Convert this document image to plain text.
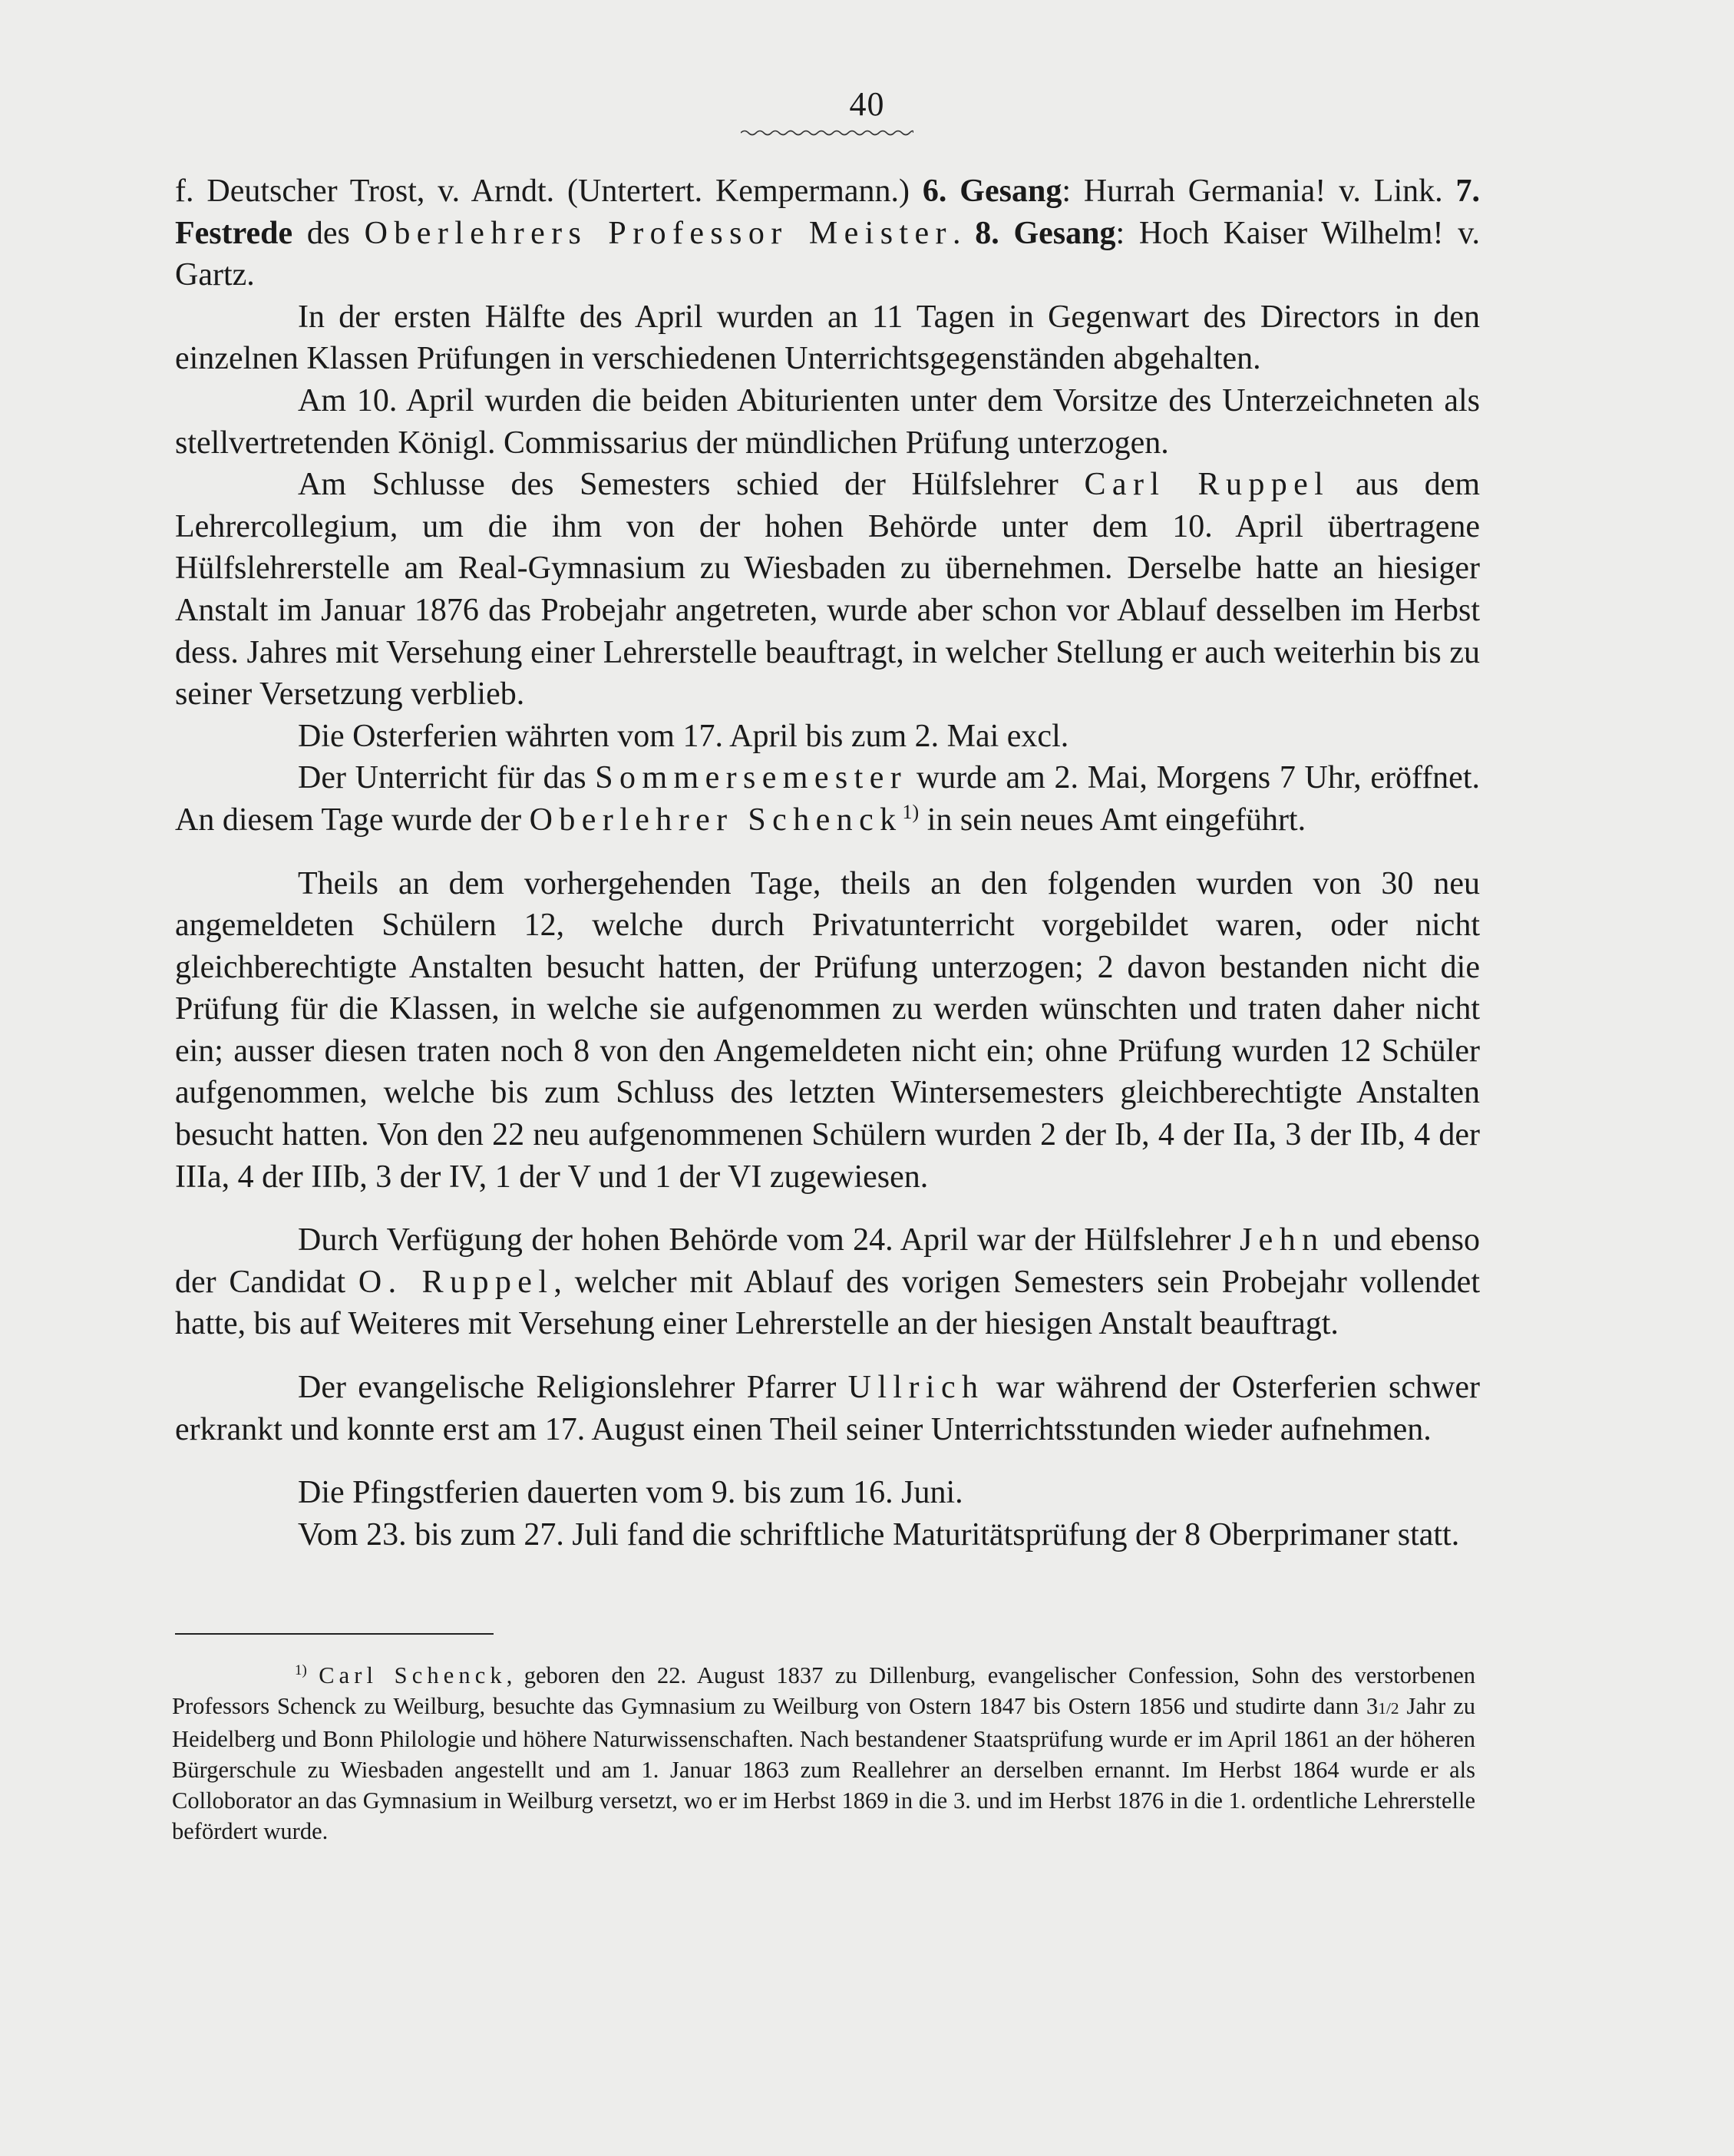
40

f. Deutscher Trost, v. Arndt. (Untertert. Kempermann.) 6. Gesang: Hurrah Germania! v. Link. 7. Festrede des Oberlehrers Professor Meister. 8. Gesang: Hoch Kaiser Wilhelm! v. Gartz.

In der ersten Hälfte des April wurden an 11 Tagen in Gegenwart des Directors in den einzelnen Klassen Prüfungen in verschiedenen Unterrichtsgegenständen abgehalten.

Am 10. April wurden die beiden Abiturienten unter dem Vorsitze des Unterzeichneten als stellvertretenden Königl. Commissarius der mündlichen Prüfung unterzogen.

Am Schlusse des Semesters schied der Hülfslehrer Carl Ruppel aus dem Lehrercollegium, um die ihm von der hohen Behörde unter dem 10. April übertragene Hülfslehrerstelle am Real-Gymnasium zu Wiesbaden zu übernehmen. Derselbe hatte an hiesiger Anstalt im Januar 1876 das Probejahr angetreten, wurde aber schon vor Ablauf desselben im Herbst dess. Jahres mit Versehung einer Lehrerstelle beauftragt, in welcher Stellung er auch weiterhin bis zu seiner Versetzung verblieb.

Die Osterferien währten vom 17. April bis zum 2. Mai excl.

Der Unterricht für das Sommersemester wurde am 2. Mai, Morgens 7 Uhr, eröffnet. An diesem Tage wurde der Oberlehrer Schenck$^{1)}$ in sein neues Amt eingeführt.

Theils an dem vorhergehenden Tage, theils an den folgenden wurden von 30 neu angemeldeten Schülern 12, welche durch Privatunterricht vorgebildet waren, oder nicht gleichberechtigte Anstalten besucht hatten, der Prüfung unterzogen; 2 davon bestanden nicht die Prüfung für die Klassen, in welche sie aufgenommen zu werden wünschten und traten daher nicht ein; ausser diesen traten noch 8 von den Angemeldeten nicht ein; ohne Prüfung wurden 12 Schüler aufgenommen, welche bis zum Schluss des letzten Wintersemesters gleichberechtigte Anstalten besucht hatten. Von den 22 neu aufgenommenen Schülern wurden 2 der Ib, 4 der IIa, 3 der IIb, 4 der IIIa, 4 der IIIb, 3 der IV, 1 der V und 1 der VI zugewiesen.

Durch Verfügung der hohen Behörde vom 24. April war der Hülfslehrer Jehn und ebenso der Candidat O. Ruppel, welcher mit Ablauf des vorigen Semesters sein Probejahr vollendet hatte, bis auf Weiteres mit Versehung einer Lehrerstelle an der hiesigen Anstalt beauftragt.

Der evangelische Religionslehrer Pfarrer Ullrich war während der Osterferien schwer erkrankt und konnte erst am 17. August einen Theil seiner Unterrichtsstunden wieder aufnehmen.

Die Pfingstferien dauerten vom 9. bis zum 16. Juni.

Vom 23. bis zum 27. Juli fand die schriftliche Maturitätsprüfung der 8 Oberprimaner statt.

$^{1)}$ Carl Schenck, geboren den 22. August 1837 zu Dillenburg, evangelischer Confession, Sohn des verstorbenen Professors Schenck zu Weilburg, besuchte das Gymnasium zu Weilburg von Ostern 1847 bis Ostern 1856 und studirte dann 31/2 Jahr zu Heidelberg und Bonn Philologie und höhere Naturwissenschaften. Nach bestandener Staatsprüfung wurde er im April 1861 an der höheren Bürgerschule zu Wiesbaden angestellt und am 1. Januar 1863 zum Reallehrer an derselben ernannt. Im Herbst 1864 wurde er als Colloborator an das Gymnasium in Weilburg versetzt, wo er im Herbst 1869 in die 3. und im Herbst 1876 in die 1. ordentliche Lehrerstelle befördert wurde.
